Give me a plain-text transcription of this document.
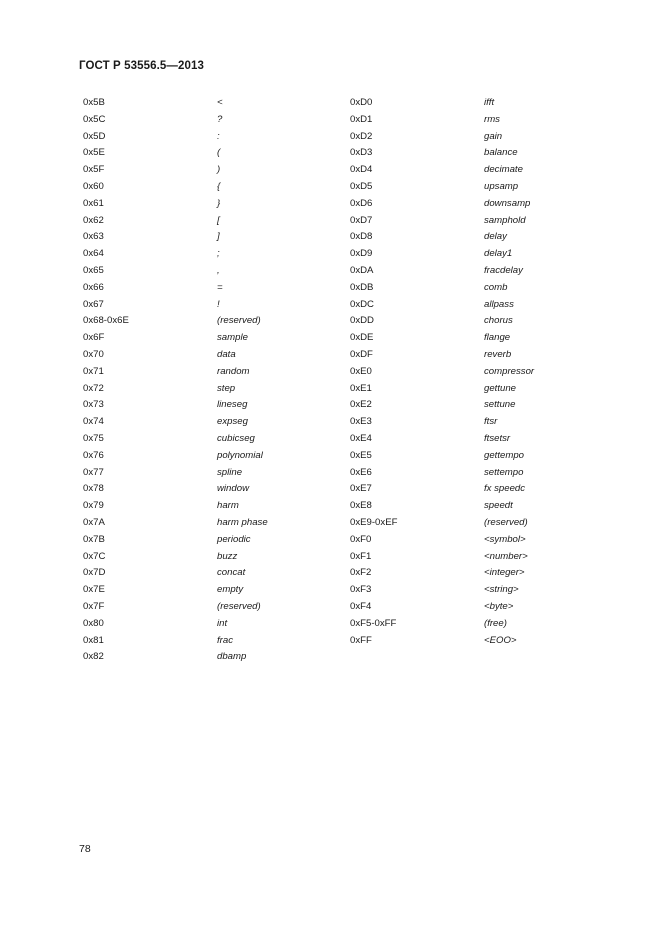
ГОСТ Р 53556.5—2013
0x5B	<	0xD0	ifft
0x5C	?	0xD1	rms
0x5D	:	0xD2	gain
0x5E	(	0xD3	balance
0x5F	)	0xD4	decimate
0x60	{	0xD5	upsamp
0x61	}	0xD6	downsamp
0x62	[	0xD7	samphold
0x63	]	0xD8	delay
0x64	;	0xD9	delay1
0x65	,	0xDA	fracdelay
0x66	=	0xDB	comb
0x67	!	0xDC	allpass
0x68-0x6E	(reserved)	0xDD	chorus
0x6F	sample	0xDE	flange
0x70	data	0xDF	reverb
0x71	random	0xE0	compressor
0x72	step	0xE1	gettune
0x73	lineseg	0xE2	settune
0x74	expseg	0xE3	ftsr
0x75	cubicseg	0xE4	ftsetsr
0x76	polynomial	0xE5	gettempo
0x77	spline	0xE6	settempo
0x78	window	0xE7	fx speedc
0x79	harm	0xE8	speedt
0x7A	harm phase	0xE9-0xEF	(reserved)
0x7B	periodic	0xF0	<symbol>
0x7C	buzz	0xF1	<number>
0x7D	concat	0xF2	<integer>
0x7E	empty	0xF3	<string>
0x7F	(reserved)	0xF4	<byte>
0x80	int	0xF5-0xFF	(free)
0x81	frac	0xFF	<EOO>
0x82	dbamp
78
